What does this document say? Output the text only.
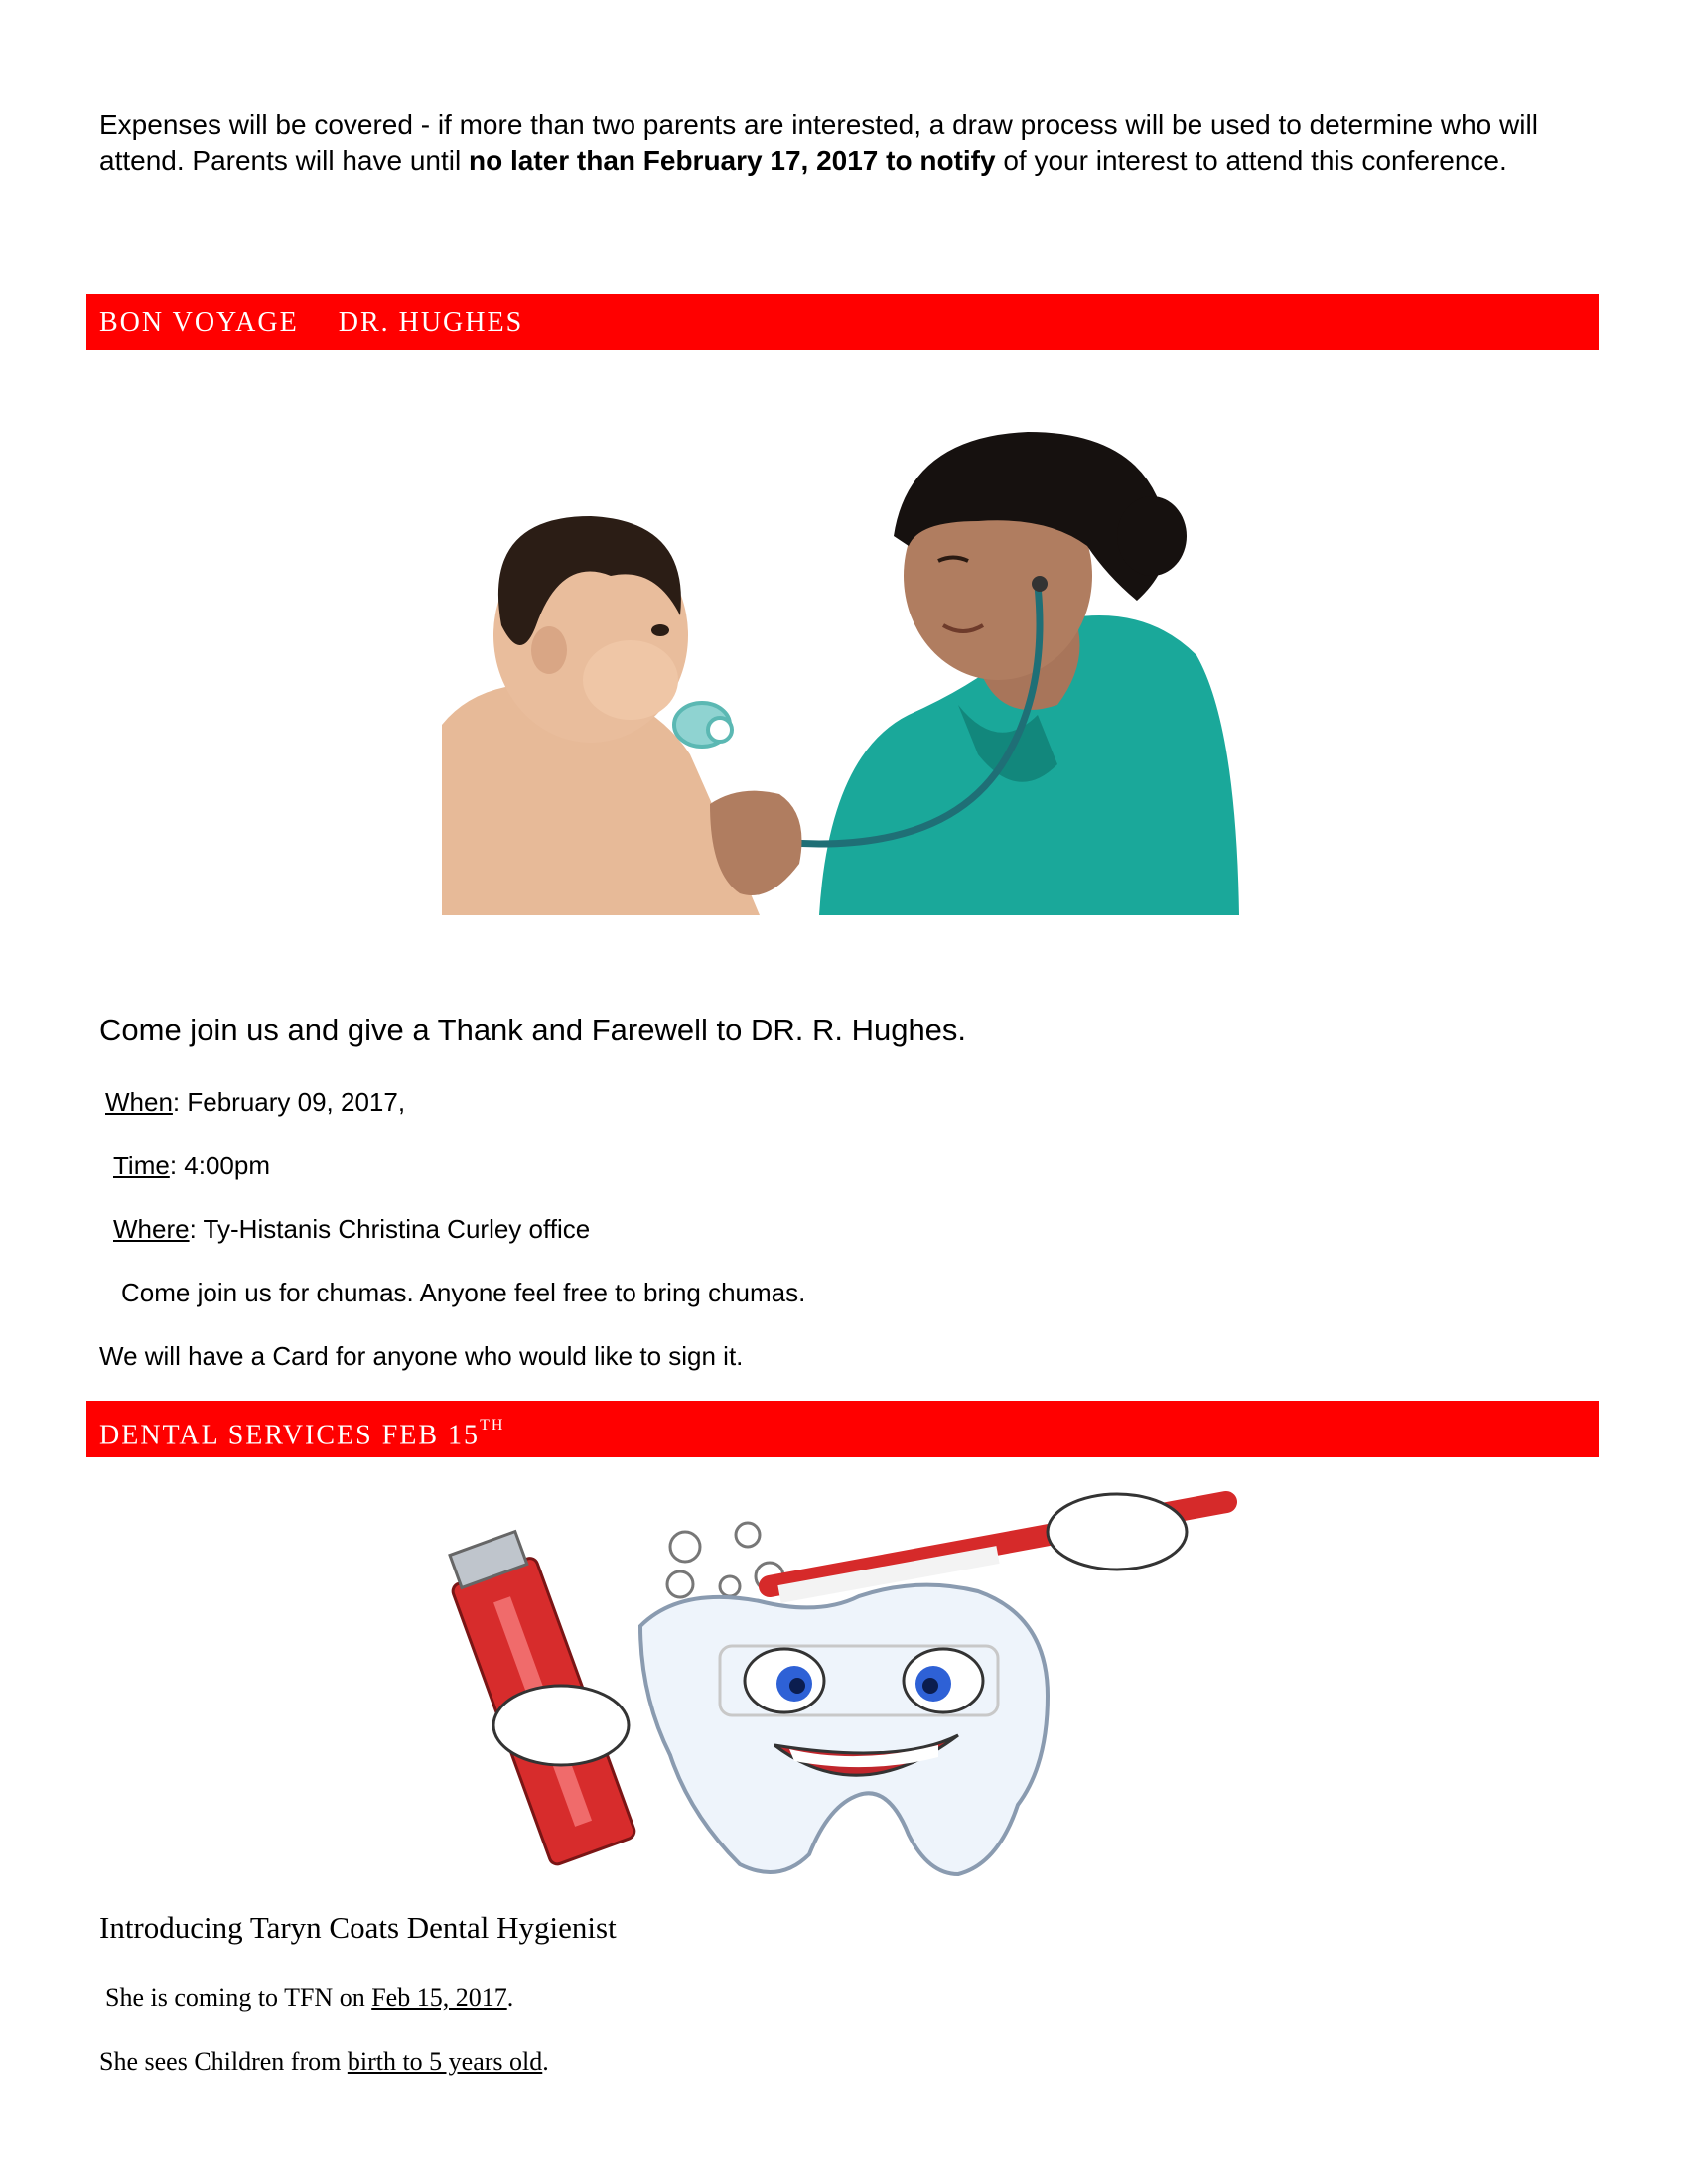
Expenses will be covered - if more than two parents are interested, a draw process will be used to determine who will attend. Parents will have until no later than February 17, 2017 to notify of your interest to attend this conference.

BON VOYAGE DR. HUGHES
Come join us and give a Thank and Farewell to DR. R. Hughes.
When: February 09, 2017,
Time: 4:00pm
Where: Ty-Histanis Christina Curley office
Come join us for chumas. Anyone feel free to bring chumas.
We will have a Card for anyone who would like to sign it.
DENTAL SERVICES FEB 15TH
Introducing Taryn Coats Dental Hygienist
She is coming to TFN on Feb 15, 2017.
She sees Children from birth to 5 years old.
